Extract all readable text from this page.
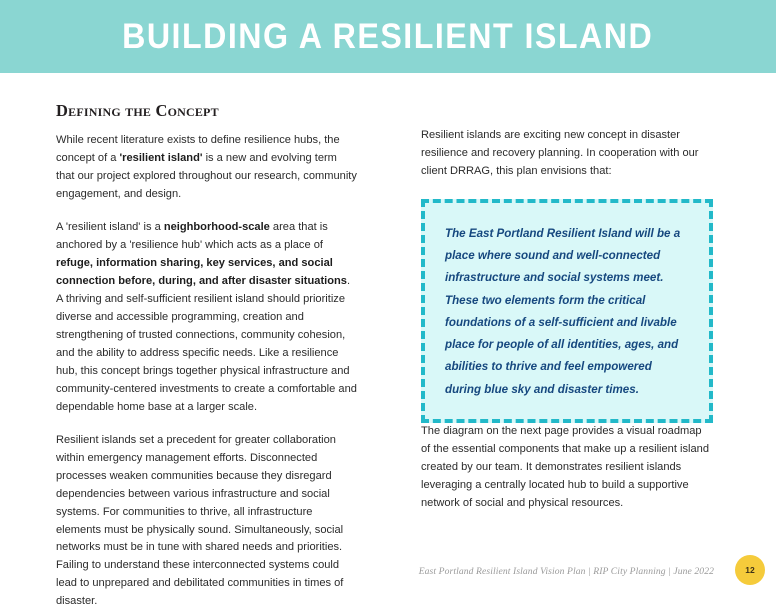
BUILDING A RESILIENT ISLAND
Defining the Concept

While recent literature exists to define resilience hubs, the concept of a 'resilient island' is a new and evolving term that our project explored throughout our research, community engagement, and design.

A 'resilient island' is a neighborhood-scale area that is anchored by a 'resilience hub' which acts as a place of refuge, information sharing, key services, and social connection before, during, and after disaster situations. A thriving and self-sufficient resilient island should prioritize diverse and accessible programming, creation and strengthening of trusted connections, community cohesion, and the ability to address specific needs. Like a resilience hub, this concept brings together physical infrastructure and community-centered investments to create a comfortable and dependable home base at a larger scale.

Resilient islands set a precedent for greater collaboration within emergency management efforts. Disconnected processes weaken communities because they disregard dependencies between various infrastructure and social systems. For communities to thrive, all infrastructure elements must be physically sound. Simultaneously, social networks must be in tune with shared needs and priorities. Failing to understand these interconnected systems could lead to unprepared and debilitated communities in times of disaster.

Resilient islands are exciting new concept in disaster resilience and recovery planning. In cooperation with our client DRRAG, this plan envisions that:

The East Portland Resilient Island will be a place where sound and well-connected infrastructure and social systems meet. These two elements form the critical foundations of a self-sufficient and livable place for people of all identities, ages, and abilities to thrive and feel empowered during blue sky and disaster times.

The diagram on the next page provides a visual roadmap of the essential components that make up a resilient island created by our team. It demonstrates resilient islands leveraging a centrally located hub to build a supportive network of social and physical resources.

East Portland Resilient Island Vision Plan | RIP City Planning | June 2022	12
